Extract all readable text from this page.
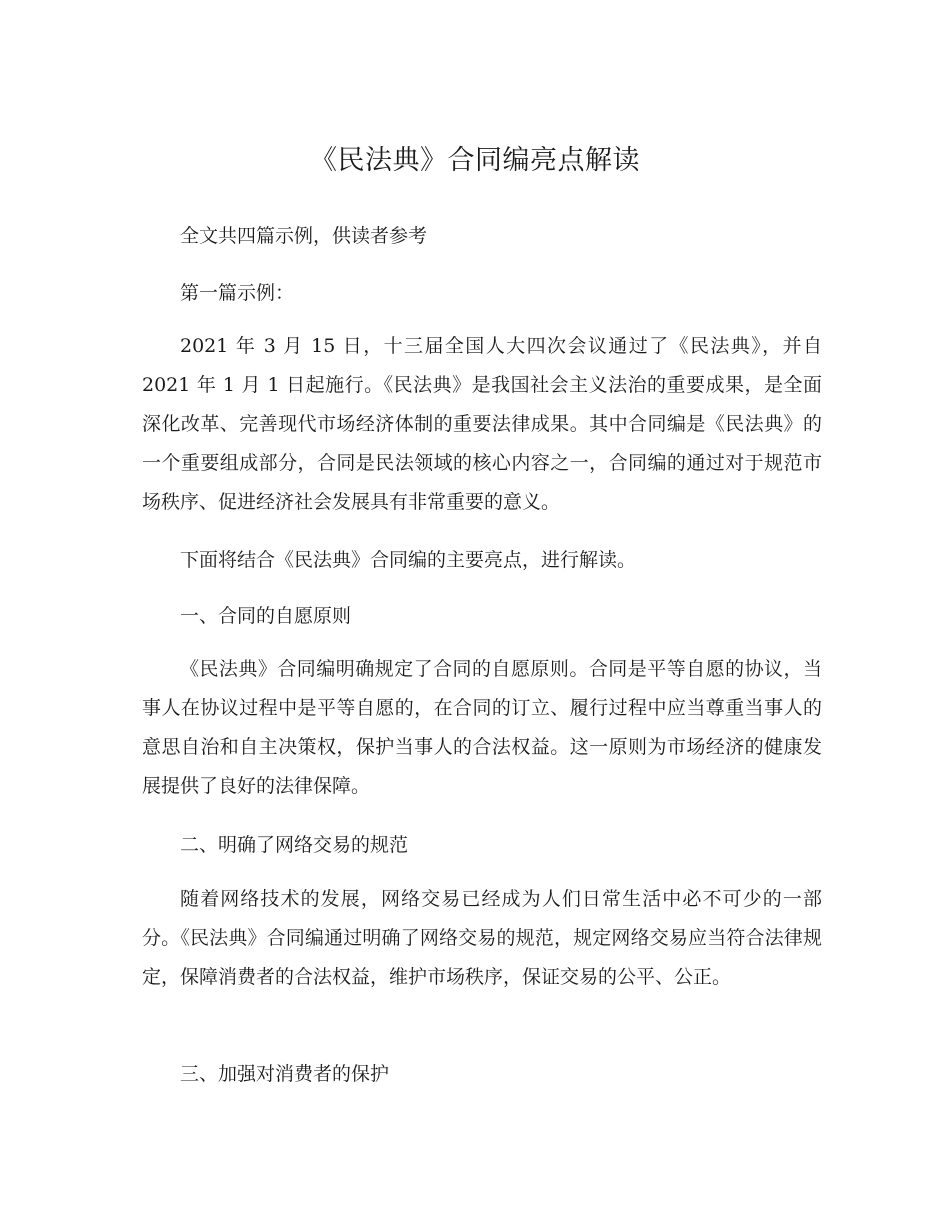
《民法典》合同编亮点解读
全文共四篇示例，供读者参考
第一篇示例：
2021 年 3 月 15 日，十三届全国人大四次会议通过了《民法典》，并自 2021 年 1 月 1 日起施行。《民法典》是我国社会主义法治的重要成果，是全面深化改革、完善现代市场经济体制的重要法律成果。其中合同编是《民法典》的一个重要组成部分，合同是民法领域的核心内容之一，合同编的通过对于规范市场秩序、促进经济社会发展具有非常重要的意义。
下面将结合《民法典》合同编的主要亮点，进行解读。
一、合同的自愿原则
《民法典》合同编明确规定了合同的自愿原则。合同是平等自愿的协议，当事人在协议过程中是平等自愿的，在合同的订立、履行过程中应当尊重当事人的意思自治和自主决策权，保护当事人的合法权益。这一原则为市场经济的健康发展提供了良好的法律保障。
二、明确了网络交易的规范
随着网络技术的发展，网络交易已经成为人们日常生活中必不可少的一部分。《民法典》合同编通过明确了网络交易的规范，规定网络交易应当符合法律规定，保障消费者的合法权益，维护市场秩序，保证交易的公平、公正。
三、加强对消费者的保护
